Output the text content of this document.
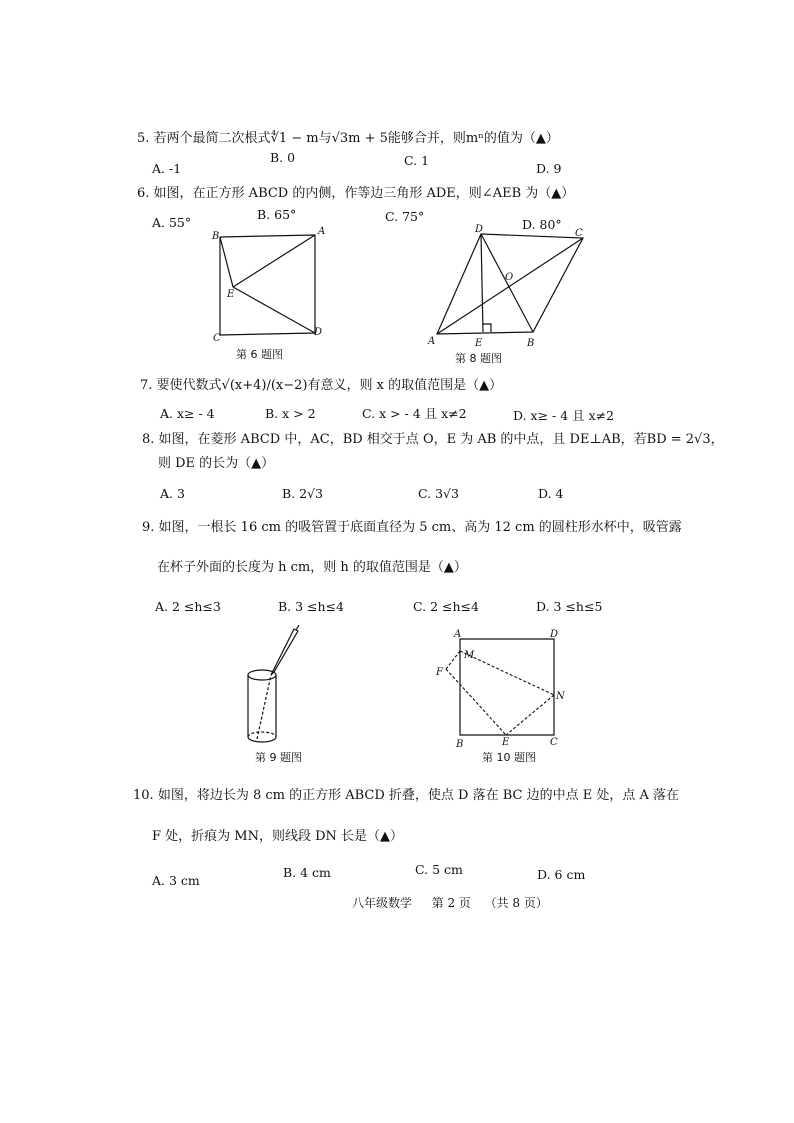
5. 若两个最简二次根式∜1 − m与√3m + 5能够合并，则mⁿ的值为（▲）
A. -1
B. 0	C. 1
D. 9
6. 如图，在正方形 ABCD 的内侧，作等边三角形 ADE，则∠AEB 为（▲）
A. 55°
B. 65°	C. 75°
D. 80°
B	A
C
D
E
第 6 题图
D	C
O
A	E	B
第 8 题图
7. 要使代数式√(x+4)/(x−2)有意义，则 x 的取值范围是（▲）
A. x≥ - 4	B. x > 2	C. x > - 4 且 x≠2	D. x≥ - 4 且 x≠2
8. 如图，在菱形 ABCD 中，AC，BD 相交于点 O，E 为 AB 的中点，且 DE⊥AB，若BD = 2√3，
则 DE 的长为（▲）
A. 3	B. 2√3	C. 3√3	D. 4
9. 如图，一根长 16 cm 的吸管置于底面直径为 5 cm、高为 12 cm 的圆柱形水杯中，吸管露
在杯子外面的长度为 h cm，则 h 的取值范围是（▲）
A. 2 ≤h≤3	B. 3 ≤h≤4	C. 2 ≤h≤4	D. 3 ≤h≤5
第 9 题图
A	D
M
F
N
B	E	C
第 10 题图
10. 如图，将边长为 8 cm 的正方形 ABCD 折叠，使点 D 落在 BC 边的中点 E 处，点 A 落在
F 处，折痕为 MN，则线段 DN 长是（▲）
A. 3 cm
B. 4 cm	C. 5 cm	D. 6 cm
八年级数学 第 2 页 （共 8 页）
